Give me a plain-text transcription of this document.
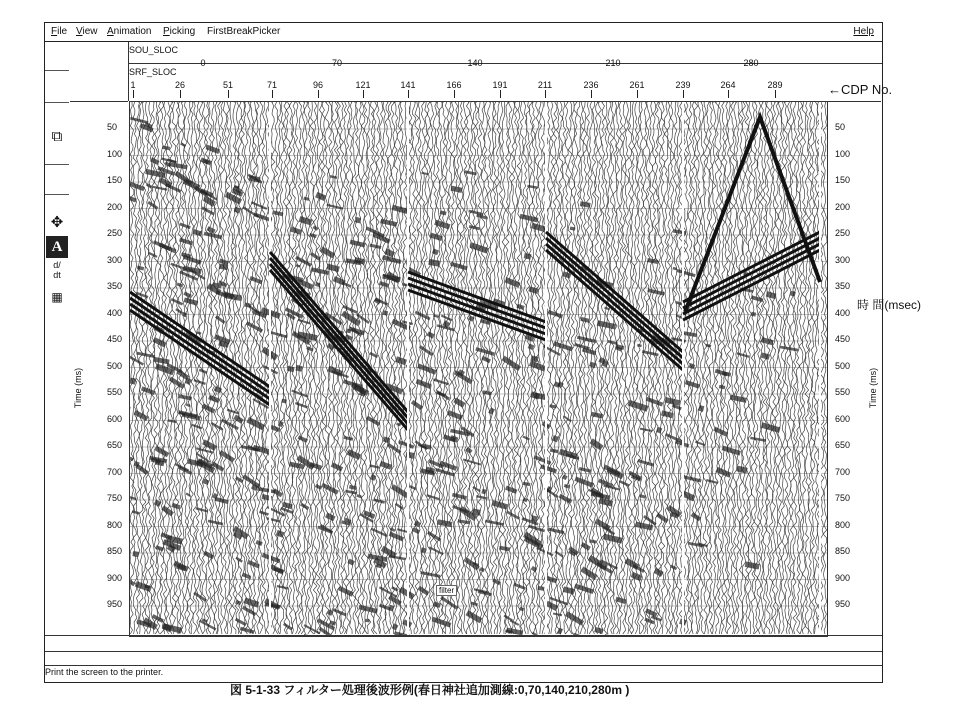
File View Animation Picking FirstBreakPicker	Help
⧉
✥
A
d/
dt
▦
SOU_SLOC
SRF_SLOC
0	70	140	210	280
1	26	51	71	96	121	141	166	191	211	236	261	239	264	289
Time (ms)	Time (ms)
Print the screen to the printer.
50	50
100	100
150	150
200	200
250	250
300	300
350	350
400	400
450	450
500	500
550	550
600	600
650	650
700	700
750	750
800	800
850	850
900	900
950	950
←CDP No.
時 間(msec)
filter
図 5-1-33 フィルター処理後波形例(春日神社追加測線:0,70,140,210,280m )
